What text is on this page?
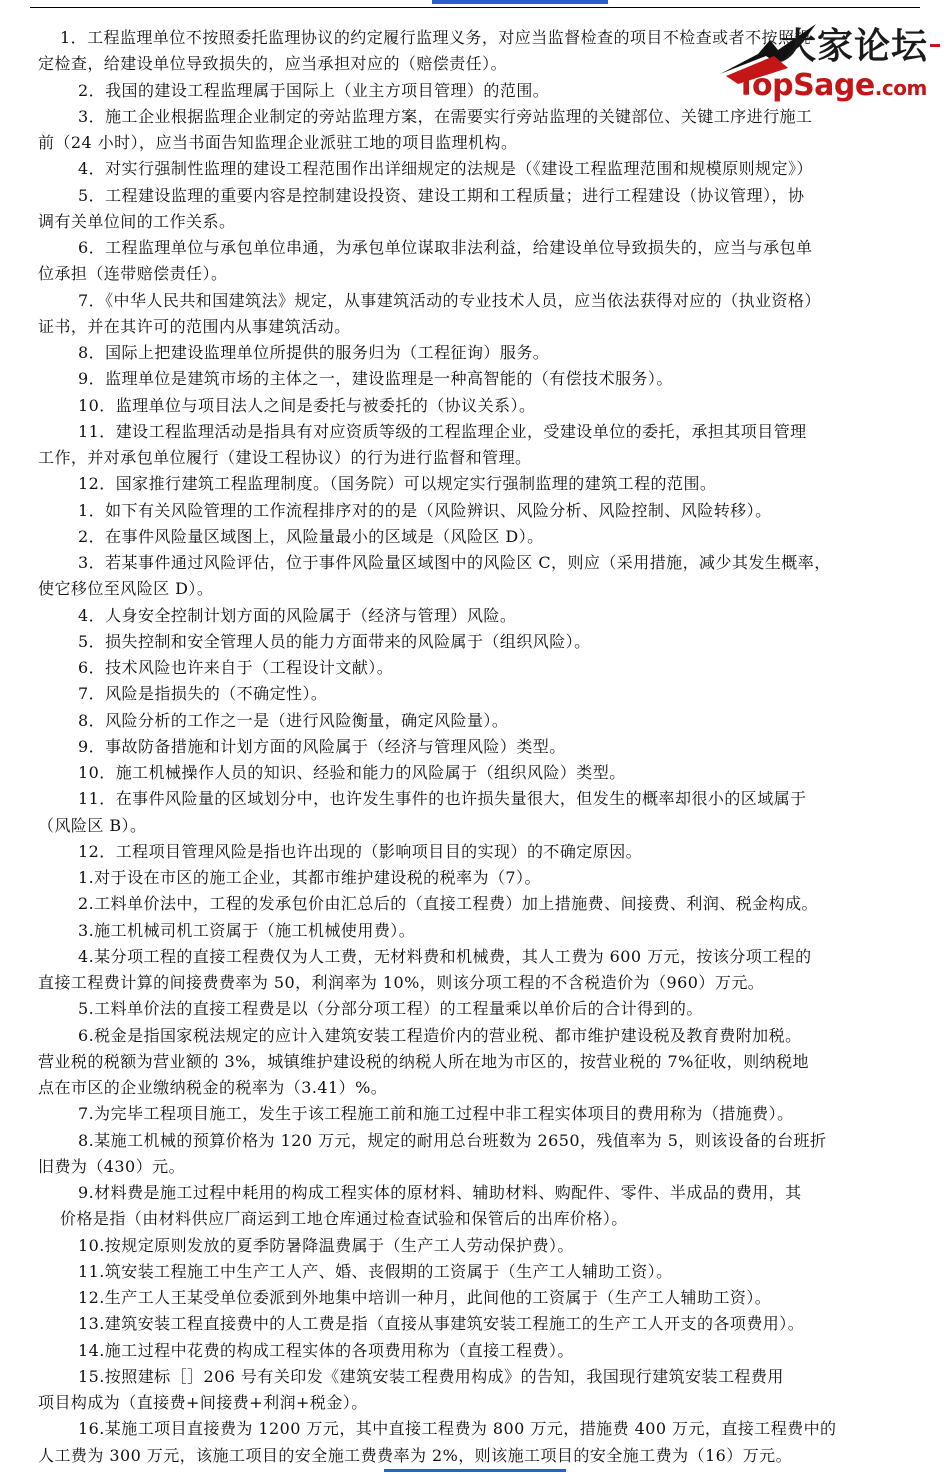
1．工程监理单位不按照委托监理协议的约定履行监理义务，对应当监督检查的项目不检查或者不按照规
定检查，给建设单位导致损失的，应当承担对应的（赔偿责任）。
2．我国的建设工程监理属于国际上（业主方项目管理）的范围。
3．施工企业根据监理企业制定的旁站监理方案，在需要实行旁站监理的关键部位、关键工序进行施工
前（24 小时），应当书面告知监理企业派驻工地的项目监理机构。
4．对实行强制性监理的建设工程范围作出详细规定的法规是（《建设工程监理范围和规模原则规定》）
5．工程建设监理的重要内容是控制建设投资、建设工期和工程质量；进行工程建设（协议管理），协
调有关单位间的工作关系。
6．工程监理单位与承包单位串通，为承包单位谋取非法利益，给建设单位导致损失的，应当与承包单
位承担（连带赔偿责任）。
7．《中华人民共和国建筑法》规定，从事建筑活动的专业技术人员，应当依法获得对应的（执业资格）
证书，并在其许可的范围内从事建筑活动。
8．国际上把建设监理单位所提供的服务归为（工程征询）服务。
9．监理单位是建筑市场的主体之一，建设监理是一种高智能的（有偿技术服务）。
10．监理单位与项目法人之间是委托与被委托的（协议关系）。
11．建设工程监理活动是指具有对应资质等级的工程监理企业，受建设单位的委托，承担其项目管理
工作，并对承包单位履行（建设工程协议）的行为进行监督和管理。
12．国家推行建筑工程监理制度。（国务院）可以规定实行强制监理的建筑工程的范围。
1．如下有关风险管理的工作流程排序对的的是（风险辨识、风险分析、风险控制、风险转移）。
2．在事件风险量区域图上，风险量最小的区域是（风险区 D）。
3．若某事件通过风险评估，位于事件风险量区域图中的风险区 C，则应（采用措施，减少其发生概率，
使它移位至风险区 D）。
4．人身安全控制计划方面的风险属于（经济与管理）风险。
5．损失控制和安全管理人员的能力方面带来的风险属于（组织风险）。
6．技术风险也许来自于（工程设计文献）。
7．风险是指损失的（不确定性）。
8．风险分析的工作之一是（进行风险衡量，确定风险量）。
9．事故防备措施和计划方面的风险属于（经济与管理风险）类型。
10．施工机械操作人员的知识、经验和能力的风险属于（组织风险）类型。
11．在事件风险量的区域划分中，也许发生事件的也许损失量很大，但发生的概率却很小的区域属于
（风险区 B）。
12．工程项目管理风险是指也许出现的（影响项目目的实现）的不确定原因。
1.对于设在市区的施工企业，其都市维护建设税的税率为（7）。
2.工料单价法中，工程的发承包价由汇总后的（直接工程费）加上措施费、间接费、利润、税金构成。
3.施工机械司机工资属于（施工机械使用费）。
4.某分项工程的直接工程费仅为人工费，无材料费和机械费，其人工费为 600 万元，按该分项工程的
直接工程费计算的间接费费率为 50，利润率为 10%，则该分项工程的不含税造价为（960）万元。
5.工料单价法的直接工程费是以（分部分项工程）的工程量乘以单价后的合计得到的。
6.税金是指国家税法规定的应计入建筑安装工程造价内的营业税、都市维护建设税及教育费附加税。
营业税的税额为营业额的 3%，城镇维护建设税的纳税人所在地为市区的，按营业税的 7%征收，则纳税地
点在市区的企业缴纳税金的税率为（3.41）%。
7.为完毕工程项目施工，发生于该工程施工前和施工过程中非工程实体项目的费用称为（措施费）。
8.某施工机械的预算价格为 120 万元，规定的耐用总台班数为 2650，残值率为 5，则该设备的台班折
旧费为（430）元。
9.材料费是施工过程中耗用的构成工程实体的原材料、辅助材料、购配件、零件、半成品的费用，其
价格是指（由材料供应厂商运到工地仓库通过检查试验和保管后的出库价格）。
10.按规定原则发放的夏季防暑降温费属于（生产工人劳动保护费）。
11.筑安装工程施工中生产工人产、婚、丧假期的工资属于（生产工人辅助工资）。
12.生产工人王某受单位委派到外地集中培训一种月，此间他的工资属于（生产工人辅助工资）。
13.建筑安装工程直接费中的人工费是指（直接从事建筑安装工程施工的生产工人开支的各项费用）。
14.施工过程中花费的构成工程实体的各项费用称为（直接工程费）。
15.按照建标［］206 号有关印发《建筑安装工程费用构成》的告知，我国现行建筑安装工程费用
项目构成为（直接费+间接费+利润+税金）。
16.某施工项目直接费为 1200 万元，其中直接工程费为 800 万元，措施费 400 万元，直接工程费中的
人工费为 300 万元，该施工项目的安全施工费费率为 2%，则该施工项目的安全施工费为（16）万元。
大家论坛
TopSage.com
